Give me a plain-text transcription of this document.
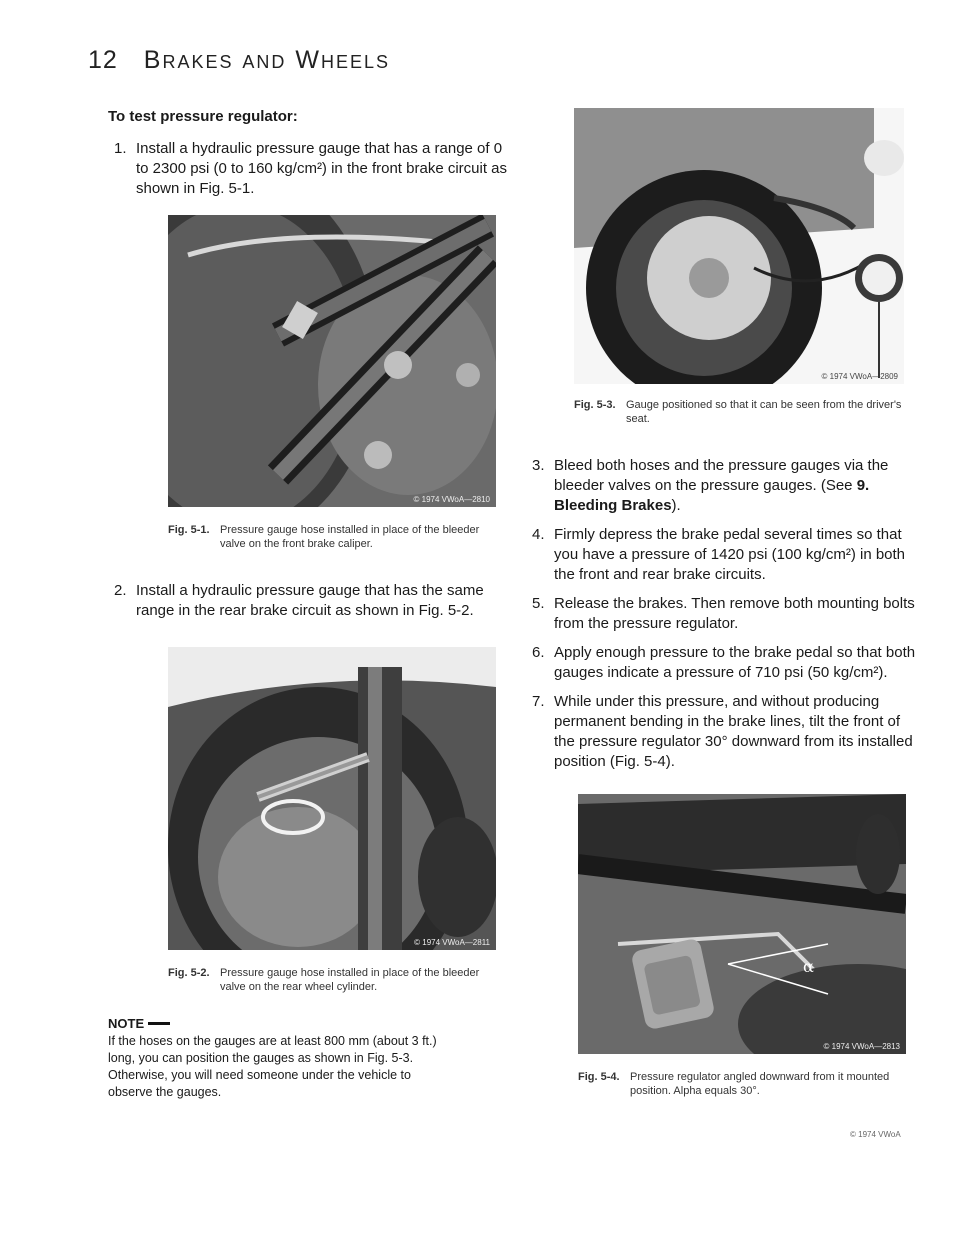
12 Brakes and Wheels
To test pressure regulator:
1. Install a hydraulic pressure gauge that has a range of 0 to 2300 psi (0 to 160 kg/cm²) in the front brake circuit as shown in Fig. 5-1.
© 1974 VWoA—2810
Fig. 5-1. Pressure gauge hose installed in place of the bleeder valve on the front brake caliper.
2. Install a hydraulic pressure gauge that has the same range in the rear brake circuit as shown in Fig. 5-2.
© 1974 VWoA—2811
Fig. 5-2. Pressure gauge hose installed in place of the bleeder valve on the rear wheel cylinder.
NOTE
If the hoses on the gauges are at least 800 mm (about 3 ft.) long, you can position the gauges as shown in Fig. 5-3. Otherwise, you will need someone under the vehicle to observe the gauges.
© 1974 VWoA—2809
Fig. 5-3. Gauge positioned so that it can be seen from the driver's seat.
3. Bleed both hoses and the pressure gauges via the bleeder valves on the pressure gauges. (See 9. Bleeding Brakes).
4. Firmly depress the brake pedal several times so that you have a pressure of 1420 psi (100 kg/cm²) in both the front and rear brake circuits.
5. Release the brakes. Then remove both mounting bolts from the pressure regulator.
6. Apply enough pressure to the brake pedal so that both gauges indicate a pressure of 710 psi (50 kg/cm²).
7. While under this pressure, and without producing permanent bending in the brake lines, tilt the front of the pressure regulator 30° downward from its installed position (Fig. 5-4).
α
© 1974 VWoA—2813
Fig. 5-4. Pressure regulator angled downward from it mounted position. Alpha equals 30°.
© 1974 VWoA
